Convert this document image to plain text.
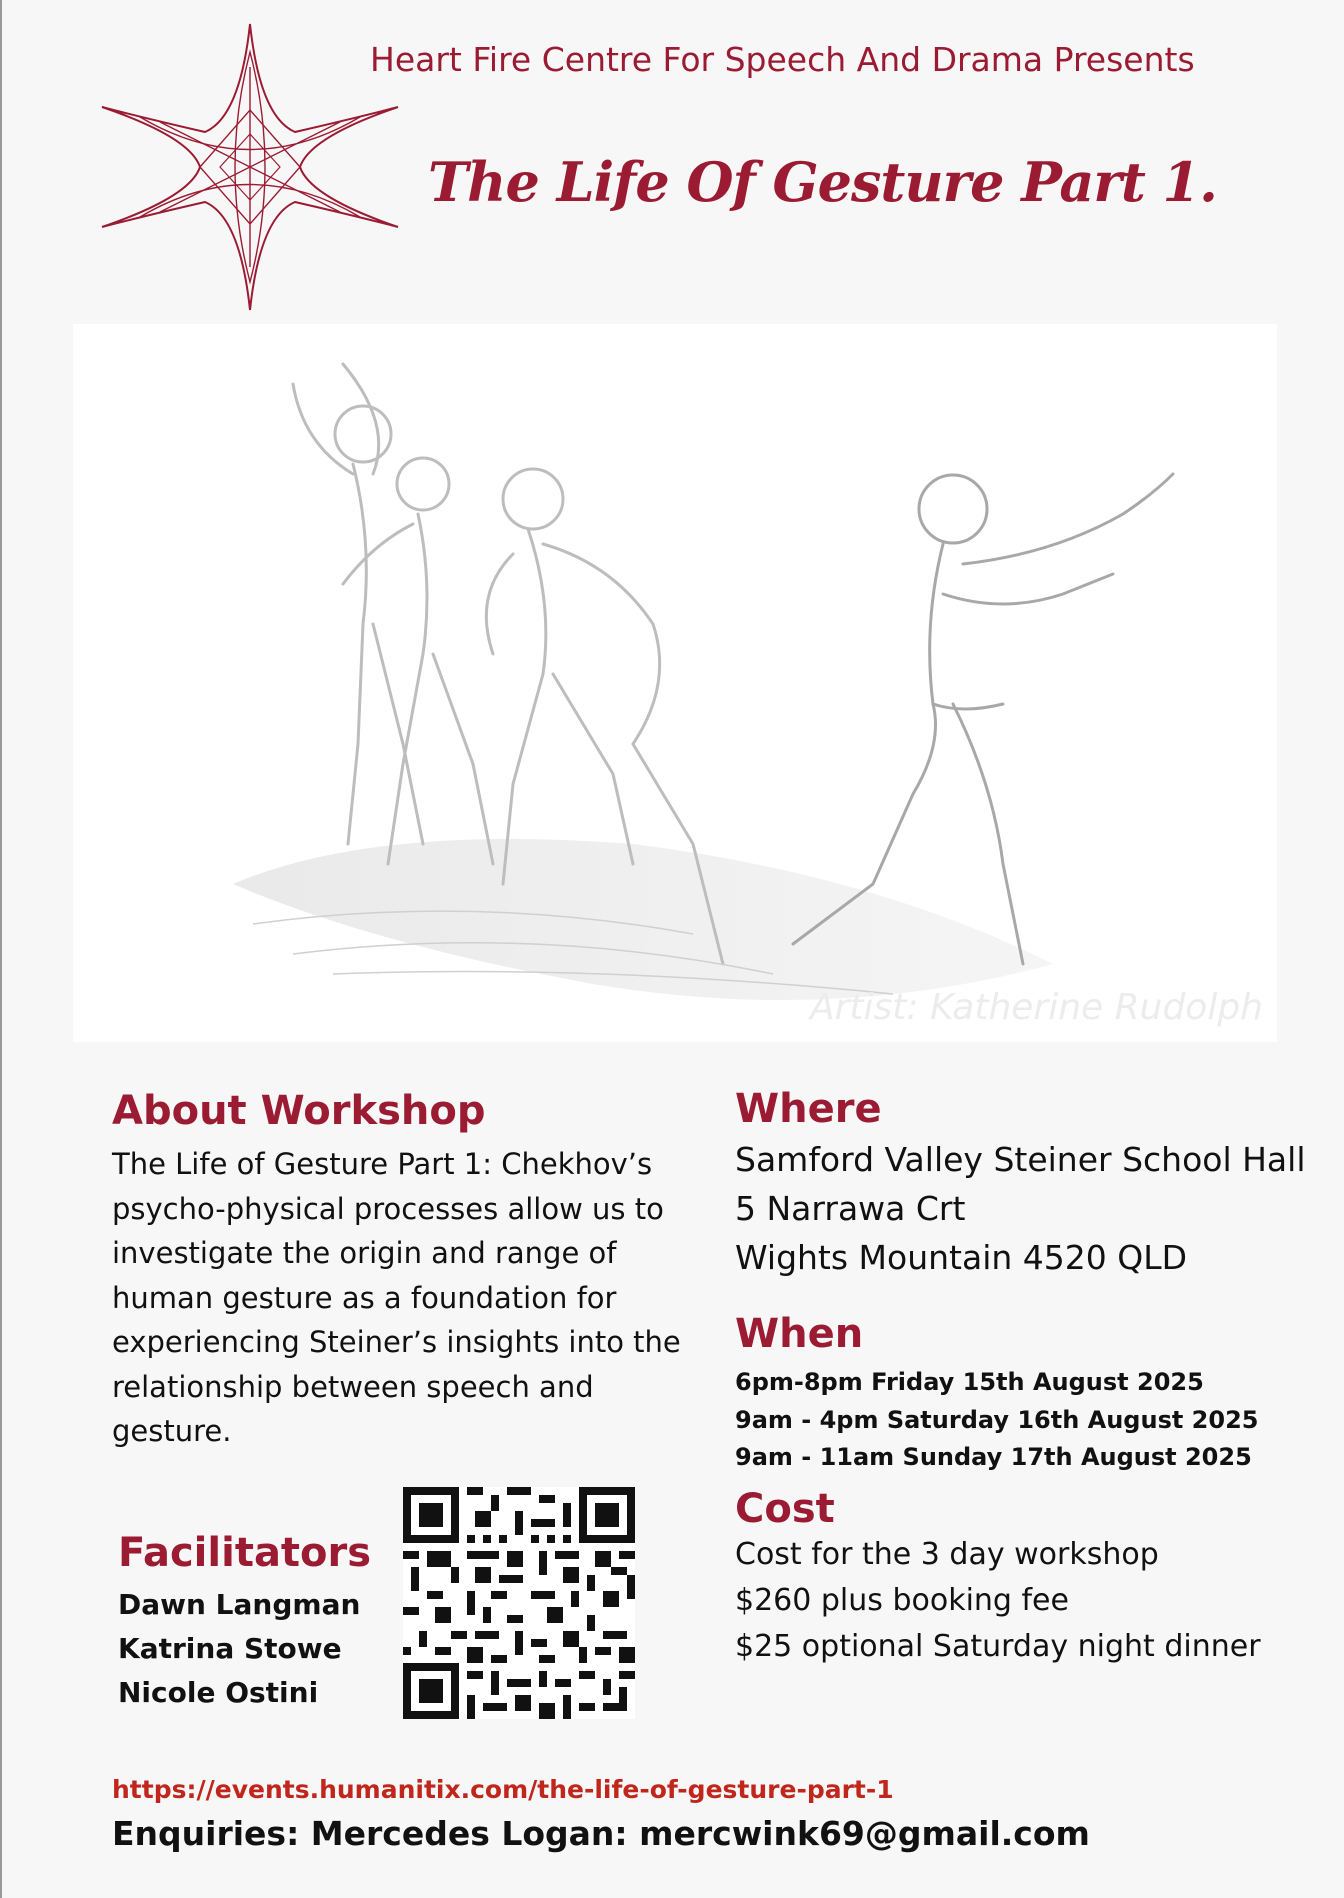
Heart Fire Centre For Speech And Drama Presents
The Life Of Gesture Part 1.
Artist: Katherine Rudolph
About Workshop

The Life of Gesture Part 1: Chekhov’s psycho-physical processes allow us to investigate the origin and range of human gesture as a foundation for experiencing Steiner’s insights into the relationship between speech and gesture.

Where
Samford Valley Steiner School Hall
5 Narrawa Crt
Wights Mountain 4520 QLD
When
6pm-8pm Friday 15th August 2025
9am - 4pm Saturday 16th August 2025
9am - 11am Sunday 17th August 2025
Cost
Cost for the 3 day workshop
$260 plus booking fee
$25 optional Saturday night dinner
Facilitators
Dawn Langman
Katrina Stowe
Nicole Ostini
https://events.humanitix.com/the-life-of-gesture-part-1
Enquiries: Mercedes Logan: mercwink69@gmail.com
